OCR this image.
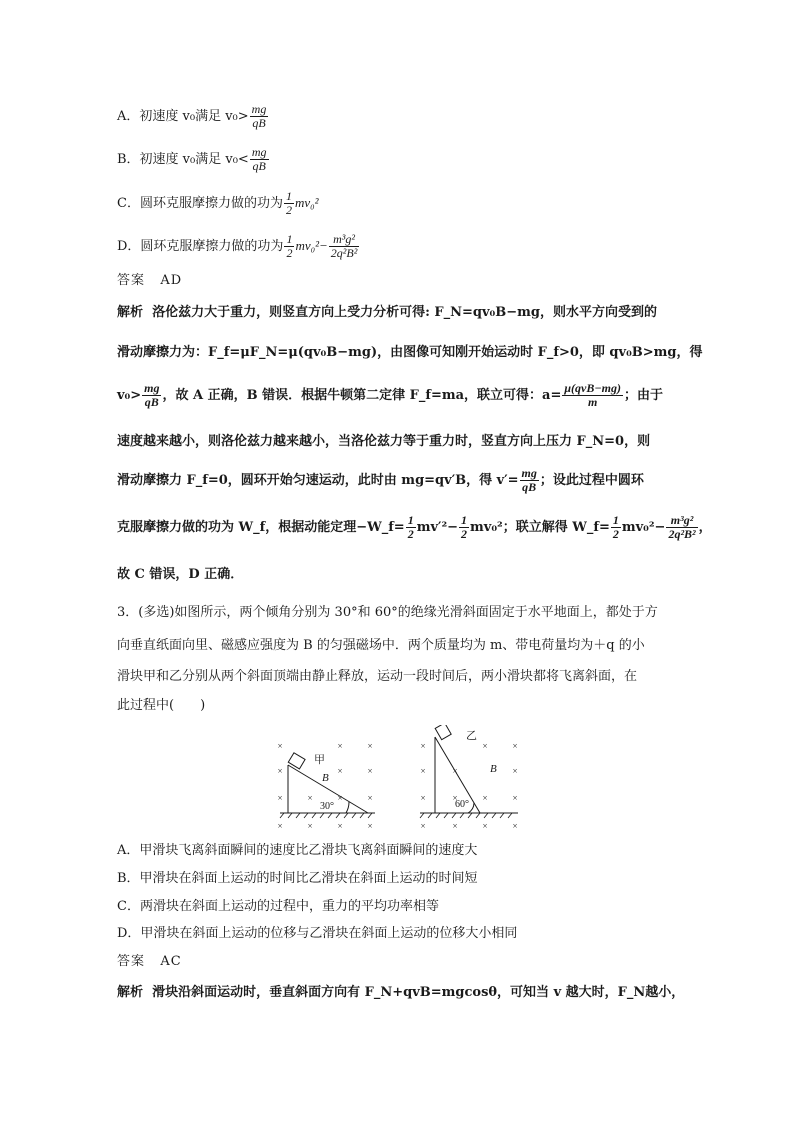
A．初速度 v₀满足 $v_0> \frac{mg}{qB}$
B．初速度 v₀满足 $v_0< \frac{mg}{qB}$
C．圆环克服摩擦力做的功为 $\frac{1}{2} mv_0^2$
D．圆环克服摩擦力做的功为 $\frac{1}{2} mv_0^2- \frac{\text{m³g²}}{\text{2q²B²}}$
答案 AD
解析 洛伦兹力大于重力，则竖直方向上受力分析可得: F_N=qv₀B−mg，则水平方向受到的
滑动摩擦力为：F_f=μF_N=μ(qv₀B−mg)，由图像可知刚开始运动时 F_f>0，即 qv₀B>mg，得
$v_0> \frac{mg}{qB}$ ，故 A 正确，B 错误．根据牛顿第二定律 F_f=ma，联立可得：$a= \frac{\text{μ(qvB−mg)}}{m}$ ；由于
速度越来越小，则洛伦兹力越来越小，当洛伦兹力等于重力时，竖直方向上压力 F_N=0，则
滑动摩擦力 F_f=0，圆环开始匀速运动，此时由 mg=qv′B，得 $v'= \frac{mg}{qB}$ ；设此过程中圆环
克服摩擦力做的功为 W_f，根据动能定理−W_f= $\frac{1}{2} mv'^2- \frac{1}{2} mv_0^2$；联立解得 W_f= $\frac{1}{2} mv_0^2- \frac{\text{m³g²}}{\text{2q²B²}}$ ，
故 C 错误，D 正确．
3．(多选)如图所示，两个倾角分别为 30°和 60°的绝缘光滑斜面固定于水平地面上，都处于方
向垂直纸面向里、磁感应强度为 B 的匀强磁场中．两个质量均为 m、带电荷量均为＋q 的小
滑块甲和乙分别从两个斜面顶端由静止释放，运动一段时间后，两小滑块都将飞离斜面，在
此过程中(　　)
×	×	×
×	×	×
×	×	×	×
×	×	×	×
×	×	×
×	×	×
×	×	×	×
×	×	×	×
甲
B
30°
乙
B
60°
A．甲滑块飞离斜面瞬间的速度比乙滑块飞离斜面瞬间的速度大
B．甲滑块在斜面上运动的时间比乙滑块在斜面上运动的时间短
C．两滑块在斜面上运动的过程中，重力的平均功率相等
D．甲滑块在斜面上运动的位移与乙滑块在斜面上运动的位移大小相同
答案 AC
解析 滑块沿斜面运动时，垂直斜面方向有 F_N+qvB=mgcosθ，可知当 v 越大时，F_N越小，
